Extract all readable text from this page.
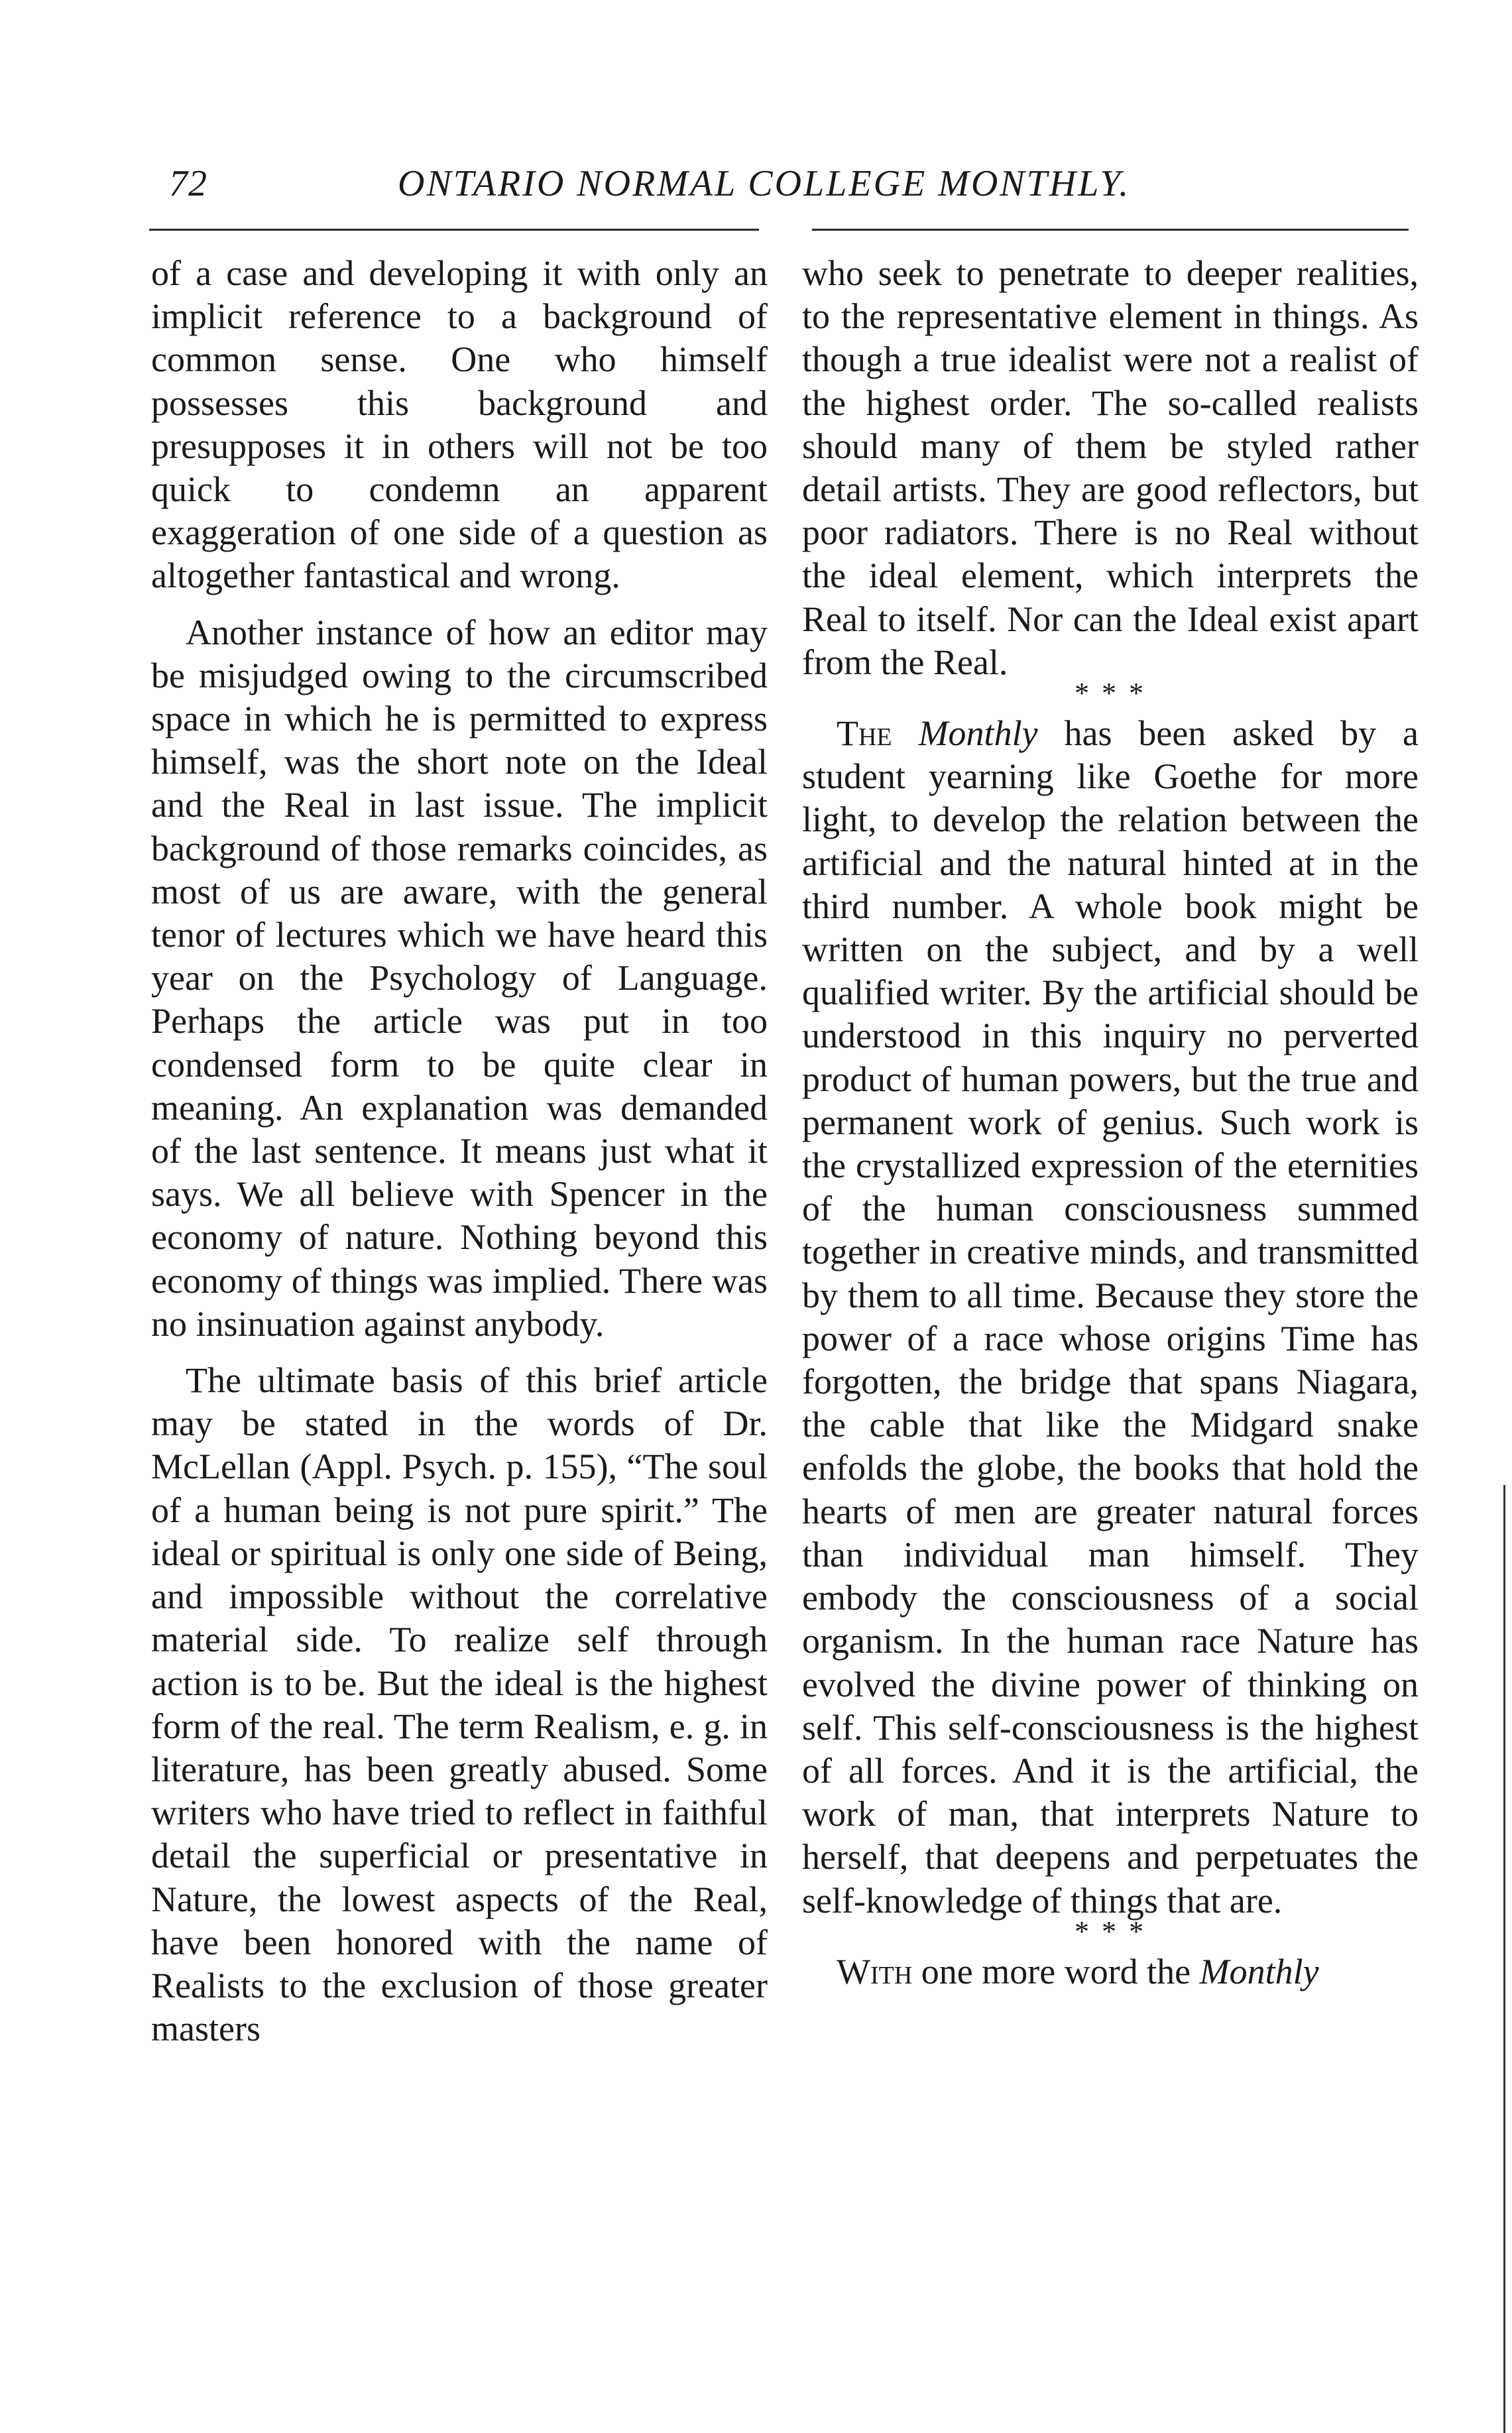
72	ONTARIO NORMAL COLLEGE MONTHLY.

of a case and developing it with only an implicit reference to a background of common sense. One who himself possesses this background and presupposes it in others will not be too quick to condemn an apparent exaggeration of one side of a question as altogether fantastical and wrong.

Another instance of how an editor may be misjudged owing to the circumscribed space in which he is permitted to express himself, was the short note on the Ideal and the Real in last issue. The implicit background of those remarks coincides, as most of us are aware, with the general tenor of lectures which we have heard this year on the Psychology of Language. Perhaps the article was put in too condensed form to be quite clear in meaning. An explanation was demanded of the last sentence. It means just what it says. We all believe with Spencer in the economy of nature. Nothing beyond this economy of things was implied. There was no insinuation against anybody.

The ultimate basis of this brief article may be stated in the words of Dr. McLellan (Appl. Psych. p. 155), “The soul of a human being is not pure spirit.” The ideal or spiritual is only one side of Being, and impossible without the correlative material side. To realize self through action is to be. But the ideal is the highest form of the real. The term Realism, e. g. in literature, has been greatly abused. Some writers who have tried to reflect in faithful detail the superficial or presentative in Nature, the lowest aspects of the Real, have been honored with the name of Realists to the exclusion of those greater masters

who seek to penetrate to deeper realities, to the representative element in things. As though a true idealist were not a realist of the highest order. The so-called realists should many of them be styled rather detail artists. They are good reflectors, but poor radiators. There is no Real without the ideal element, which interprets the Real to itself. Nor can the Ideal exist apart from the Real.

* * *

The Monthly has been asked by a student yearning like Goethe for more light, to develop the relation between the artificial and the natural hinted at in the third number. A whole book might be written on the subject, and by a well qualified writer. By the artificial should be understood in this inquiry no perverted product of human powers, but the true and permanent work of genius. Such work is the crystallized expression of the eternities of the human consciousness summed together in creative minds, and transmitted by them to all time. Because they store the power of a race whose origins Time has forgotten, the bridge that spans Niagara, the cable that like the Midgard snake enfolds the globe, the books that hold the hearts of men are greater natural forces than individual man himself. They embody the consciousness of a social organism. In the human race Nature has evolved the divine power of thinking on self. This self-consciousness is the highest of all forces. And it is the artificial, the work of man, that interprets Nature to herself, that deepens and perpetuates the self-knowledge of things that are.

* * *

With one more word the Monthly
